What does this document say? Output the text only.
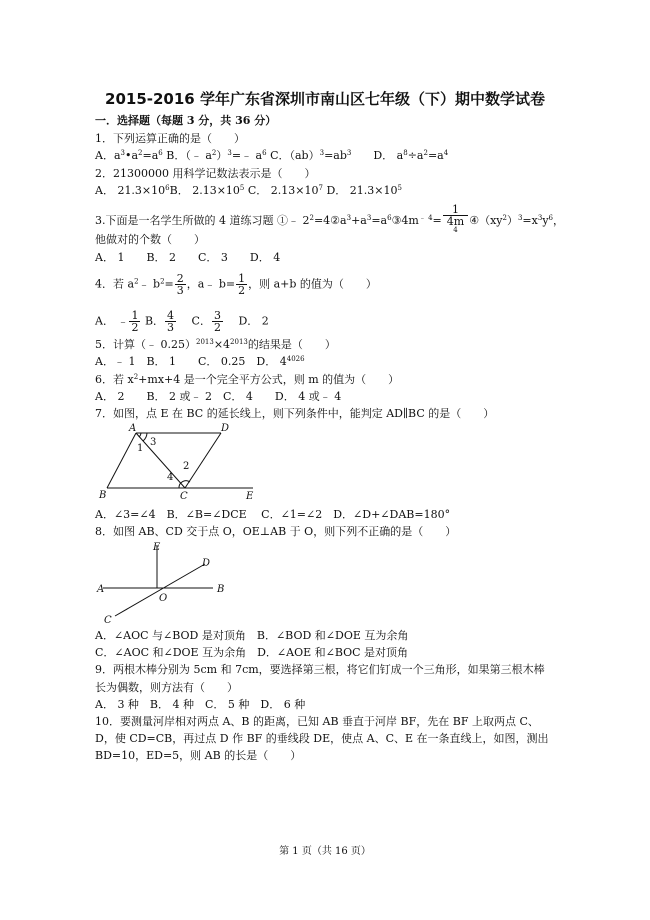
2015-2016 学年广东省深圳市南山区七年级（下）期中数学试卷
一．选择题（每题 3 分，共 36 分）
1．下列运算正确的是（　　）
A．$a^3•a^2=a^6$ B．（﹣ $a^2)^3=﹣$ $a^6$ C．$(ab)^3=ab^3$　　D． $a^8\div a^2=a^4$
2．21300000 用科学记数法表示是（　　）
A． $21.3\times 10^6B$． $2.13\times 10^5$ C． $2.13\times 10^7$ D． $21.3\times 10^5$
3.下面是一名学生所做的 4 道练习题 ①﹣ $2^2=4②a^3+a^3=a^6③4m^{﹣ 4}= 1$
4m
$^4$ $④(xy^2)^3=x^3y^6$，
他做对的个数（　　）
A． 1　　B． 2　　C． 3　　D． 4
4．若 $a^2﹣$ $b^2= \frac{2}{3}$ ，a﹣ $b= \frac{1}{2}$ ，则 a+b 的值为（　　）
A． ﹣ $\frac{1}{2}$ B． $\frac{4}{3}$ 　 C． $\frac{3}{2}$ 　 D． 2
5．计算（﹣ $0.25)^{2013}\times 4^{2013}$的结果是（　　）
A．﹣ 1　B． 1　　C． 0.25　D． $4^{4026}$
6．若 $x^2+mx+4$ 是一个完全平方公式，则 m 的值为（　　）
A． 2　　B． 2 或﹣ 2　C． 4　　D． 4 或﹣ 4
7．如图，点 E 在 BC 的延长线上，则下列条件中，能判定 AD∥BC 的是（　　）
A	D
1
3
2
4
B	C	E
A．∠3=∠4　B．∠B=∠DCE　 C．∠1=∠2　D．∠D+∠DAB=180°
8．如图 AB、CD 交于点 O，OE⊥AB 于 O，则下列不正确的是（　　）
E
D
A	B
O
C
A．∠AOC 与∠BOD 是对顶角　B．∠BOD 和∠DOE 互为余角
C．∠AOC 和∠DOE 互为余角　D．∠AOE 和∠BOC 是对顶角
9．两根木棒分别为 5cm 和 7cm，要选择第三根，将它们钉成一个三角形，如果第三根木棒
长为偶数，则方法有（　　）
A． 3 种　B． 4 种　C． 5 种　D． 6 种
10．要测量河岸相对两点 A、B 的距离，已知 AB 垂直于河岸 BF，先在 BF 上取两点 C、
D，使 CD=CB，再过点 D 作 BF 的垂线段 DE，使点 A、C、E 在一条直线上，如图，测出
BD=10，ED=5，则 AB 的长是（　　）
第 1 页（共 16 页）
